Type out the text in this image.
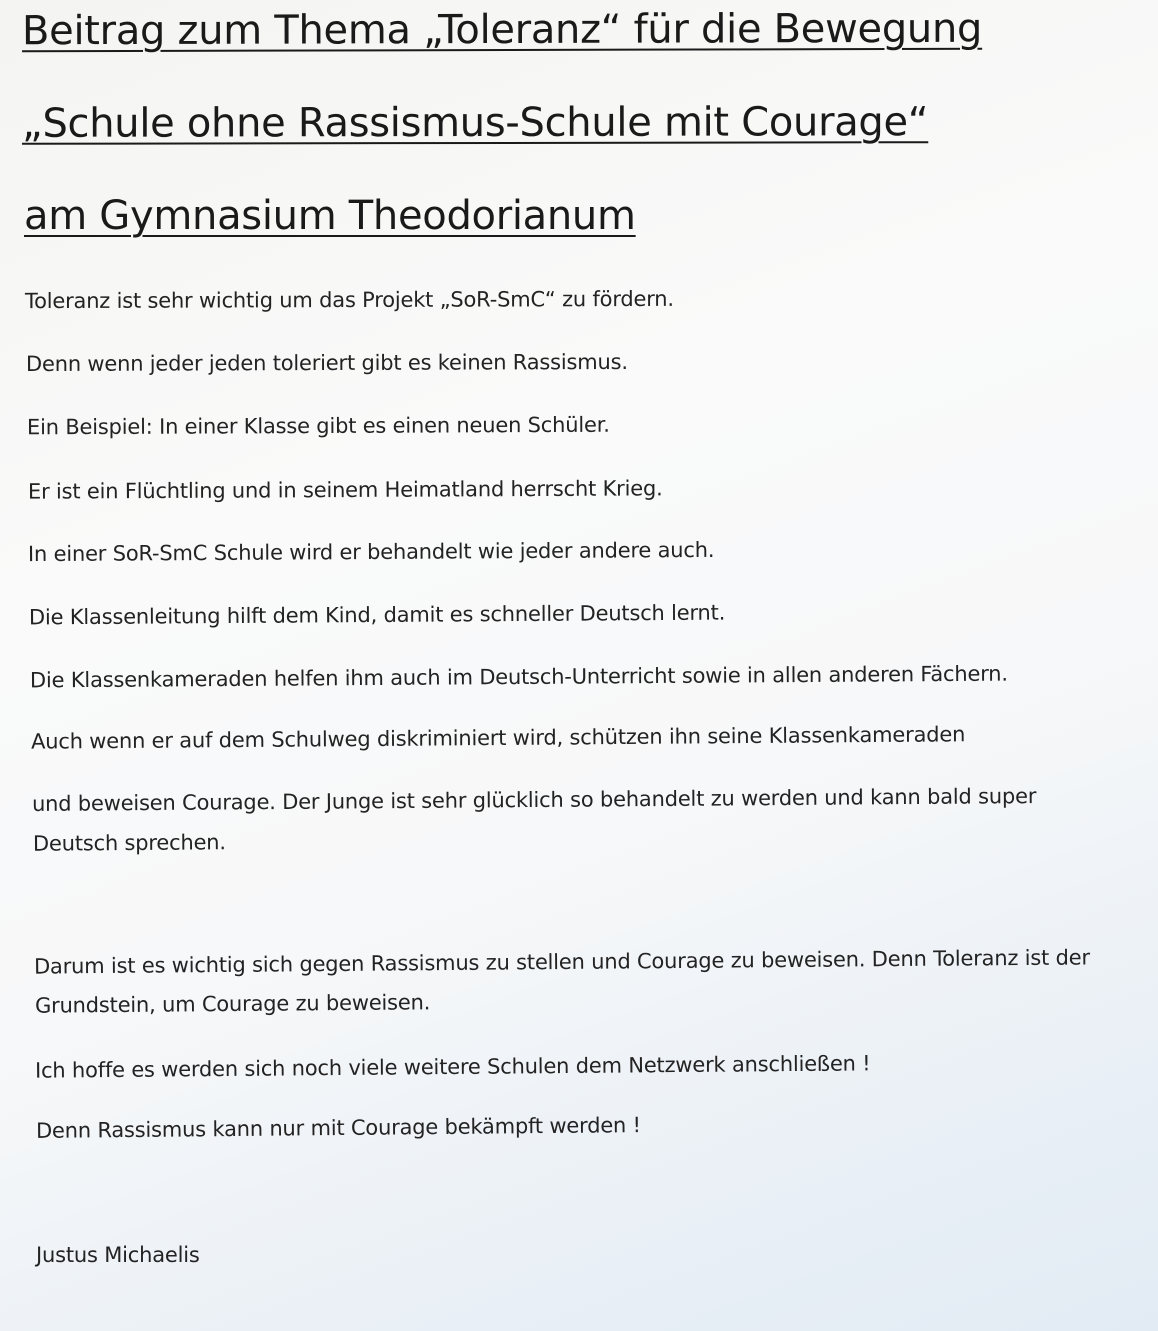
Beitrag zum Thema „Toleranz“ für die Bewegung
„Schule ohne Rassismus-Schule mit Courage“
am Gymnasium Theodorianum

Toleranz ist sehr wichtig um das Projekt „SoR-SmC“ zu fördern.

Denn wenn jeder jeden toleriert gibt es keinen Rassismus.

Ein Beispiel: In einer Klasse gibt es einen neuen Schüler.

Er ist ein Flüchtling und in seinem Heimatland herrscht Krieg.

In einer SoR-SmC Schule wird er behandelt wie jeder andere auch.

Die Klassenleitung hilft dem Kind, damit es schneller Deutsch lernt.

Die Klassenkameraden helfen ihm auch im Deutsch-Unterricht sowie in allen anderen Fächern.

Auch wenn er auf dem Schulweg diskriminiert wird, schützen ihn seine Klassenkameraden

und beweisen Courage. Der Junge ist sehr glücklich so behandelt zu werden und kann bald super

Deutsch sprechen.

Darum ist es wichtig sich gegen Rassismus zu stellen und Courage zu beweisen. Denn Toleranz ist der

Grundstein, um Courage zu beweisen.

Ich hoffe es werden sich noch viele weitere Schulen dem Netzwerk anschließen !

Denn Rassismus kann nur mit Courage bekämpft werden !

Justus Michaelis
